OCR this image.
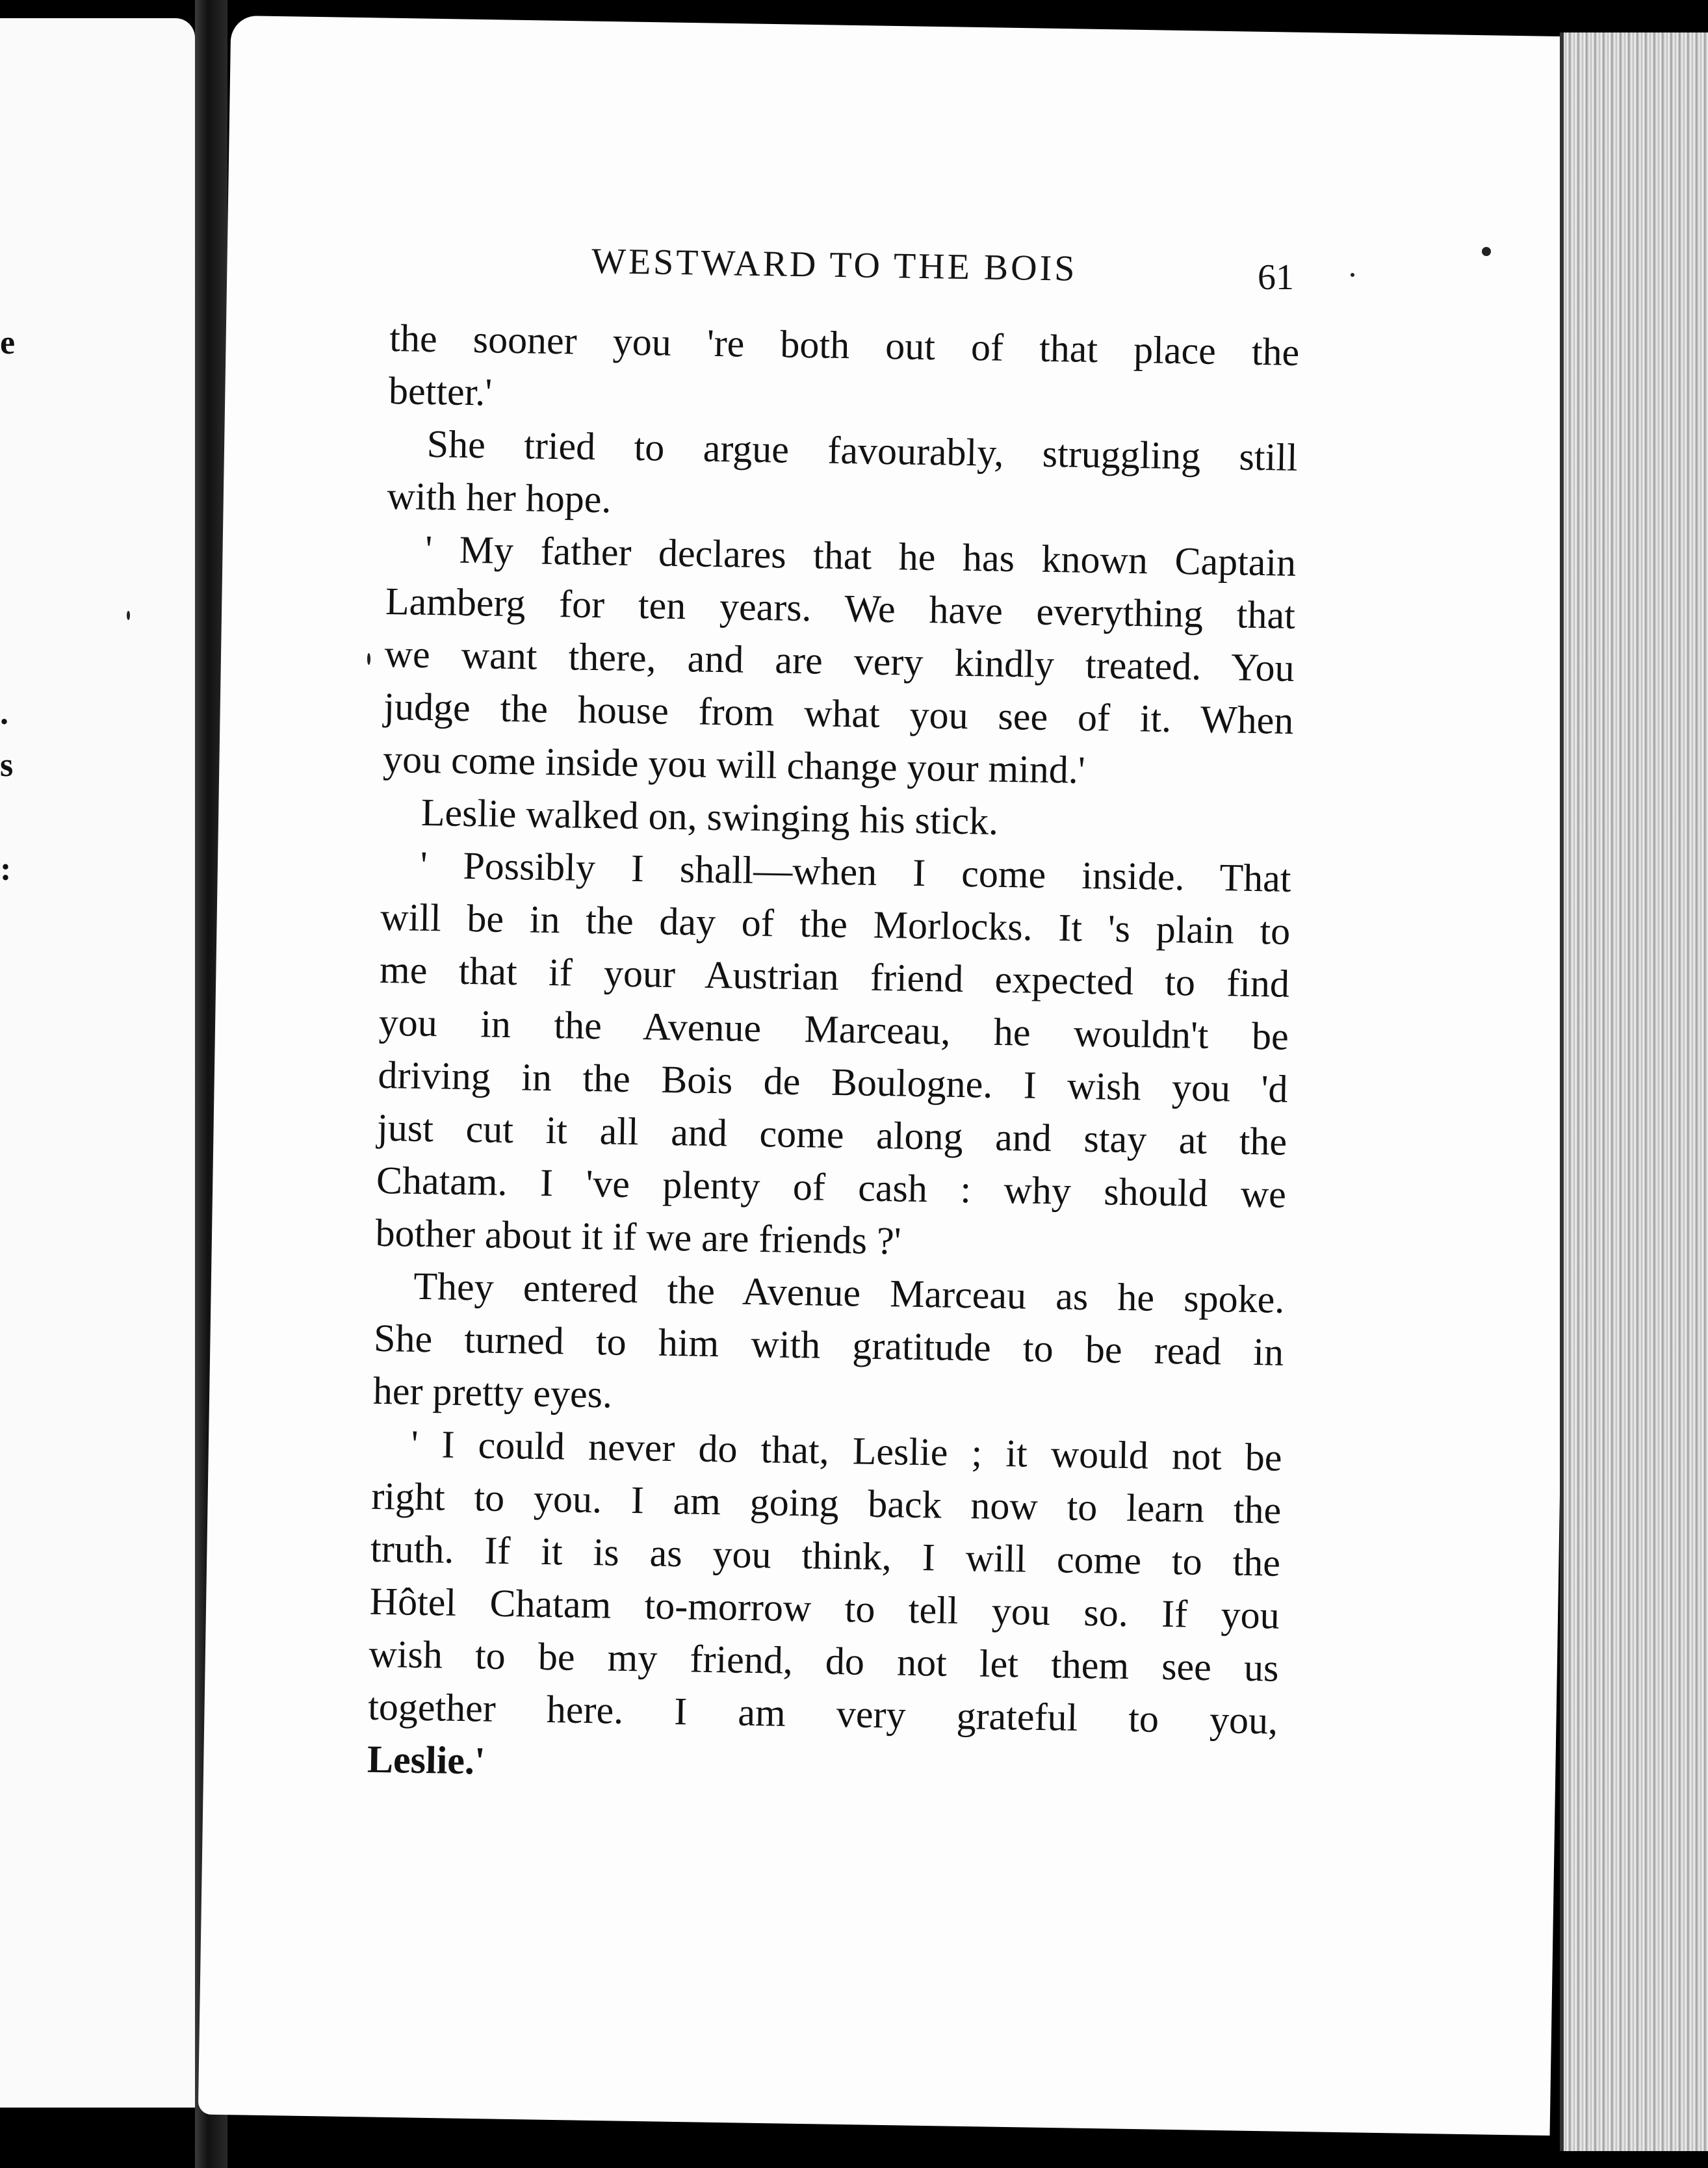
e
.
s
:
WESTWARD TO THE BOIS	61
the sooner you 're both out of that place the
better.'
She tried to argue favourably, struggling still
with her hope.
' My father declares that he has known Captain
Lamberg for ten years. We have everything that
we want there, and are very kindly treated. You
judge the house from what you see of it. When
you come inside you will change your mind.'
Leslie walked on, swinging his stick.
' Possibly I shall—when I come inside. That
will be in the day of the Morlocks. It 's plain to
me that if your Austrian friend expected to find
you in the Avenue Marceau, he wouldn't be
driving in the Bois de Boulogne. I wish you 'd
just cut it all and come along and stay at the
Chatam. I 've plenty of cash : why should we
bother about it if we are friends ?'
They entered the Avenue Marceau as he spoke.
She turned to him with gratitude to be read in
her pretty eyes.
' I could never do that, Leslie ; it would not be
right to you. I am going back now to learn the
truth. If it is as you think, I will come to the
Hôtel Chatam to-morrow to tell you so. If you
wish to be my friend, do not let them see us
together here. I am very grateful to you,
Leslie.'
